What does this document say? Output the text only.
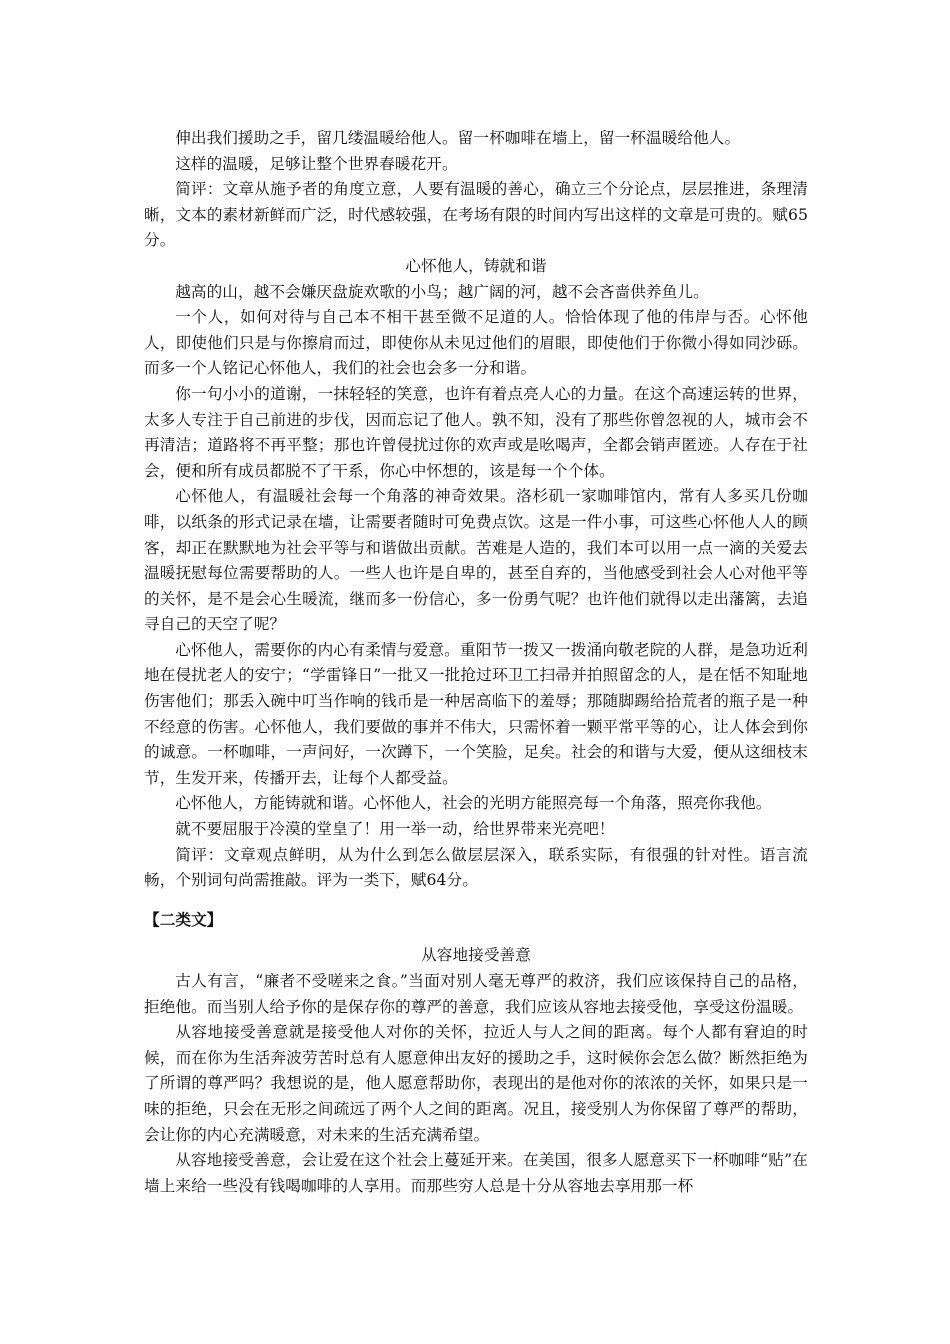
伸出我们援助之手，留几缕温暖给他人。留一杯咖啡在墙上，留一杯温暖给他人。

这样的温暖，足够让整个世界春暖花开。

简评：文章从施予者的角度立意，人要有温暖的善心，确立三个分论点，层层推进，条理清晰，文本的素材新鲜而广泛，时代感较强，在考场有限的时间内写出这样的文章是可贵的。赋65分。

心怀他人，铸就和谐

越高的山，越不会嫌厌盘旋欢歌的小鸟；越广阔的河，越不会吝啬供养鱼儿。

一个人，如何对待与自己本不相干甚至微不足道的人。恰恰体现了他的伟岸与否。心怀他人，即使他们只是与你擦肩而过，即使你从未见过他们的眉眼，即使他们于你微小得如同沙砾。而多一个人铭记心怀他人，我们的社会也会多一分和谐。

你一句小小的道谢，一抹轻轻的笑意，也许有着点亮人心的力量。在这个高速运转的世界，太多人专注于自己前进的步伐，因而忘记了他人。孰不知，没有了那些你曾忽视的人，城市会不再清洁；道路将不再平整；那也许曾侵扰过你的欢声或是吆喝声，全都会销声匿迹。人存在于社会，便和所有成员都脱不了干系，你心中怀想的，该是每一个个体。

心怀他人，有温暖社会每一个角落的神奇效果。洛杉矶一家咖啡馆内，常有人多买几份咖啡，以纸条的形式记录在墙，让需要者随时可免费点饮。这是一件小事，可这些心怀他人人的顾客，却正在默默地为社会平等与和谐做出贡献。苦难是人造的，我们本可以用一点一滴的关爱去温暖抚慰每位需要帮助的人。一些人也许是自卑的，甚至自弃的，当他感受到社会人心对他平等的关怀，是不是会心生暖流，继而多一份信心，多一份勇气呢？也许他们就得以走出藩篱，去追寻自己的天空了呢？

心怀他人，需要你的内心有柔情与爱意。重阳节一拨又一拨涌向敬老院的人群，是急功近利地在侵扰老人的安宁；“学雷锋日”一批又一批抢过环卫工扫帚并拍照留念的人，是在恬不知耻地伤害他们；那丢入碗中叮当作响的钱币是一种居高临下的羞辱；那随脚踢给拾荒者的瓶子是一种不经意的伤害。心怀他人，我们要做的事并不伟大，只需怀着一颗平常平等的心，让人体会到你的诚意。一杯咖啡，一声问好，一次蹲下，一个笑脸，足矣。社会的和谐与大爱，便从这细枝末节，生发开来，传播开去，让每个人都受益。

心怀他人，方能铸就和谐。心怀他人，社会的光明方能照亮每一个角落，照亮你我他。

就不要屈服于冷漠的堂皇了！用一举一动，给世界带来光亮吧！

简评：文章观点鲜明，从为什么到怎么做层层深入，联系实际，有很强的针对性。语言流畅，个别词句尚需推敲。评为一类下，赋64分。

【二类文】

从容地接受善意

古人有言，“廉者不受嗟来之食。”当面对别人毫无尊严的救济，我们应该保持自己的品格，拒绝他。而当别人给予你的是保存你的尊严的善意，我们应该从容地去接受他，享受这份温暖。

从容地接受善意就是接受他人对你的关怀，拉近人与人之间的距离。每个人都有窘迫的时候，而在你为生活奔波劳苦时总有人愿意伸出友好的援助之手，这时候你会怎么做？断然拒绝为了所谓的尊严吗？我想说的是，他人愿意帮助你，表现出的是他对你的浓浓的关怀，如果只是一味的拒绝，只会在无形之间疏远了两个人之间的距离。况且，接受别人为你保留了尊严的帮助，会让你的内心充满暖意，对未来的生活充满希望。

从容地接受善意，会让爱在这个社会上蔓延开来。在美国，很多人愿意买下一杯咖啡“贴”在墙上来给一些没有钱喝咖啡的人享用。而那些穷人总是十分从容地去享用那一杯
